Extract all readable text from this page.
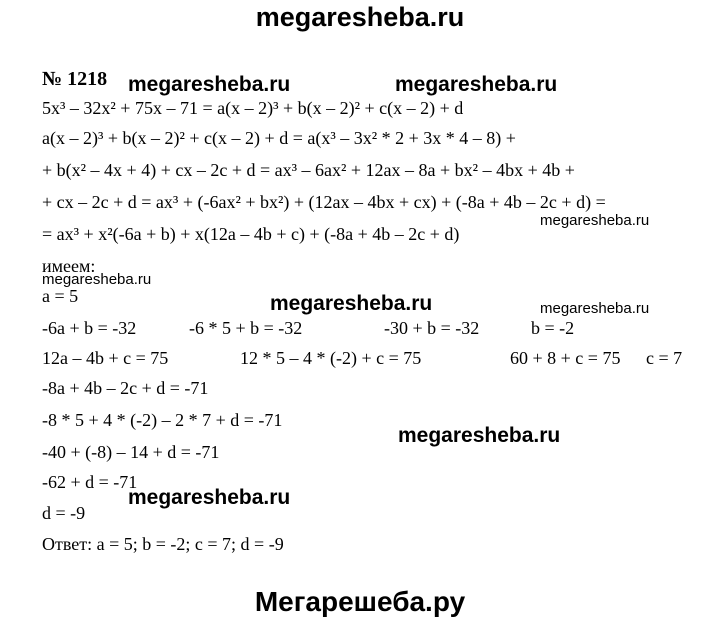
megaresheba.ru
№ 1218 megaresheba.ru	megaresheba.ru
5x³ – 32x² + 75x – 71 = a(x – 2)³ + b(x – 2)² + c(x – 2) + d
a(x – 2)³ + b(x – 2)² + c(x – 2) + d = a(x³ – 3x² * 2 + 3x * 4 – 8) +
+ b(x² – 4x + 4) + cx – 2c + d = ax³ – 6ax² + 12ax – 8a + bx² – 4bx + 4b +
+ cx – 2c + d = ax³ + (-6ax² + bx²) + (12ax – 4bx + cx) + (-8a + 4b – 2c + d) =
megaresheba.ru
= ax³ + x²(-6a + b) + x(12a – 4b + c) + (-8a + 4b – 2c + d)
имеем:
megaresheba.ru
a = 5	megaresheba.ru	megaresheba.ru
-6a + b = -32	-6 * 5 + b = -32	-30 + b = -32	b = -2
12a – 4b + c = 75	12 * 5 – 4 * (-2) + c = 75	60 + 8 + c = 75 c = 7
-8a + 4b – 2c + d = -71
-8 * 5 + 4 * (-2) – 2 * 7 + d = -71
megaresheba.ru
-40 + (-8) – 14 + d = -71
-62 + d = -71
megaresheba.ru
d = -9
Ответ: a = 5; b = -2; c = 7; d = -9
Мегарешеба.ру
